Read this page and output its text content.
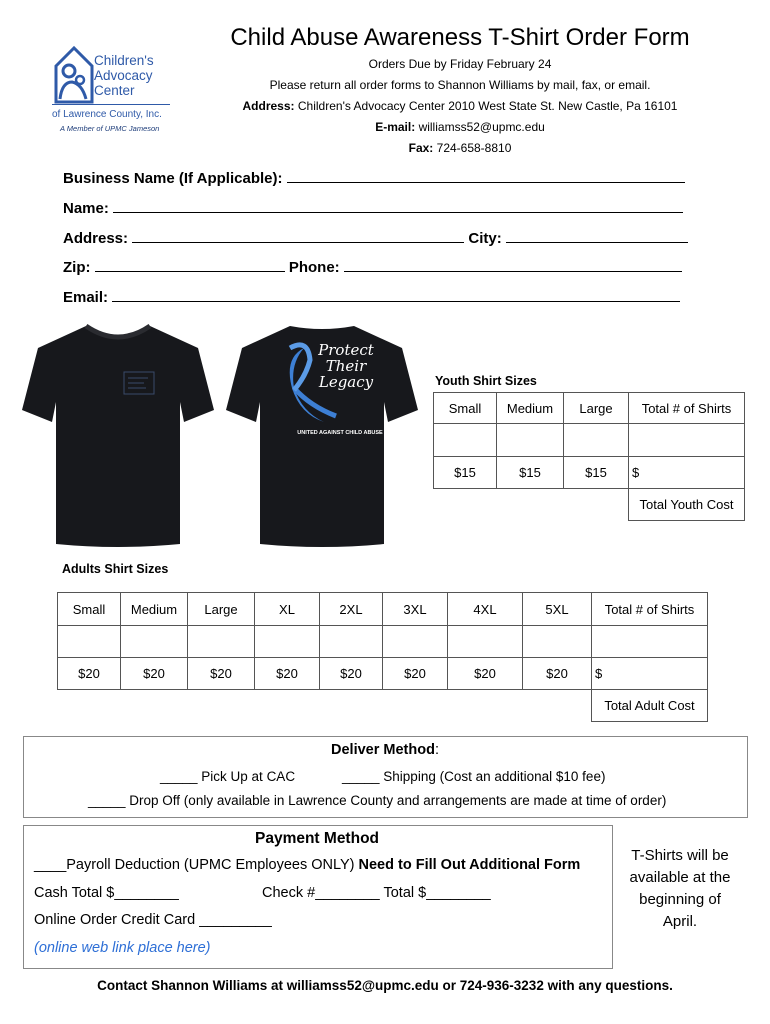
Children's
Advocacy
Center
of Lawrence County, Inc.
A Member of UPMC Jameson
Child Abuse Awareness T-Shirt Order Form
Orders Due by Friday February 24
Please return all order forms to Shannon Williams by mail, fax, or email.
Address: Children's Advocacy Center 2010 West State St. New Castle, Pa 16101
E-mail: williamss52@upmc.edu
Fax: 724-658-8810
Business Name (If Applicable):
Name:
Address:	City:
Zip:	Phone:
Email:
Protect
Their
Legacy
UNITED AGAINST CHILD ABUSE
Youth Shirt Sizes
Small	Medium	Large	Total # of Shirts

$15	$15	$15	$
			Total Youth Cost
Adults Shirt Sizes
Small	Medium	Large	XL	2XL	3XL	4XL	5XL	Total # of Shirts

$20	$20	$20	$20	$20	$20	$20	$20	$
								Total Adult Cost
Deliver Method:
_____ Pick Up at CAC	_____ Shipping (Cost an additional $10 fee)
_____ Drop Off (only available in Lawrence County and arrangements are made at time of order)
Payment Method
____Payroll Deduction (UPMC Employees ONLY) Need to Fill Out Additional Form
Cash Total $________	Check #________ Total $________
Online Order Credit Card _________
(online web link place here)
T-Shirts will be
available at the
beginning of
April.
Contact Shannon Williams at williamss52@upmc.edu or 724-936-3232 with any questions.
